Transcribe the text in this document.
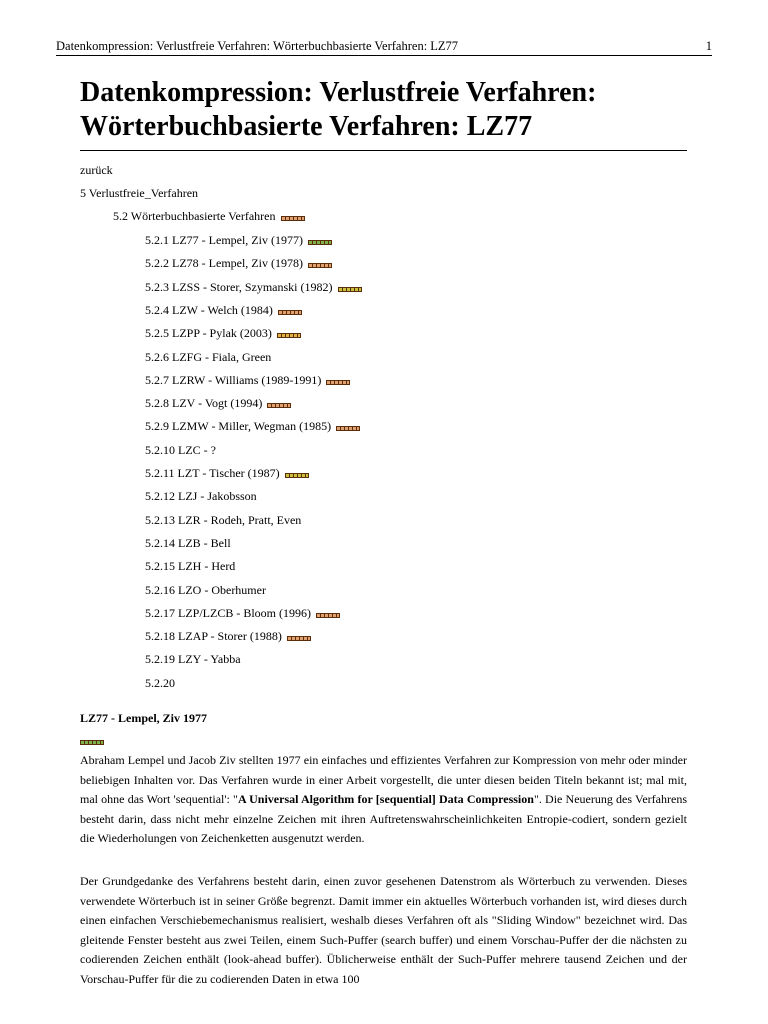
Datenkompression: Verlustfreie Verfahren: Wörterbuchbasierte Verfahren: LZ77	1
Datenkompression: Verlustfreie Verfahren:
Wörterbuchbasierte Verfahren: LZ77
zurück
5 Verlustfreie_Verfahren
5.2 Wörterbuchbasierte Verfahren
5.2.1 LZ77 - Lempel, Ziv (1977)
5.2.2 LZ78 - Lempel, Ziv (1978)
5.2.3 LZSS - Storer, Szymanski (1982)
5.2.4 LZW - Welch (1984)
5.2.5 LZPP - Pylak (2003)
5.2.6 LZFG - Fiala, Green
5.2.7 LZRW - Williams (1989-1991)
5.2.8 LZV - Vogt (1994)
5.2.9 LZMW - Miller, Wegman (1985)
5.2.10 LZC - ?
5.2.11 LZT - Tischer (1987)
5.2.12 LZJ - Jakobsson
5.2.13 LZR - Rodeh, Pratt, Even
5.2.14 LZB - Bell
5.2.15 LZH - Herd
5.2.16 LZO - Oberhumer
5.2.17 LZP/LZCB - Bloom (1996)
5.2.18 LZAP - Storer (1988)
5.2.19 LZY - Yabba
5.2.20
LZ77 - Lempel, Ziv 1977

Abraham Lempel und Jacob Ziv stellten 1977 ein einfaches und effizientes Verfahren zur Kompression von mehr oder minder beliebigen Inhalten vor. Das Verfahren wurde in einer Arbeit vorgestellt, die unter diesen beiden Titeln bekannt ist; mal mit, mal ohne das Wort 'sequential': "A Universal Algorithm for [sequential] Data Compression". Die Neuerung des Verfahrens besteht darin, dass nicht mehr einzelne Zeichen mit ihren Auftretenswahrscheinlichkeiten Entropie-codiert, sondern gezielt die Wiederholungen von Zeichenketten ausgenutzt werden.

Der Grundgedanke des Verfahrens besteht darin, einen zuvor gesehenen Datenstrom als Wörterbuch zu verwenden. Dieses verwendete Wörterbuch ist in seiner Größe begrenzt. Damit immer ein aktuelles Wörterbuch vorhanden ist, wird dieses durch einen einfachen Verschiebemechanismus realisiert, weshalb dieses Verfahren oft als "Sliding Window" bezeichnet wird. Das gleitende Fenster besteht aus zwei Teilen, einem Such-Puffer (search buffer) und einem Vorschau-Puffer der die nächsten zu codierenden Zeichen enthält (look-ahead buffer). Üblicherweise enthält der Such-Puffer mehrere tausend Zeichen und der Vorschau-Puffer für die zu codierenden Daten in etwa 100
